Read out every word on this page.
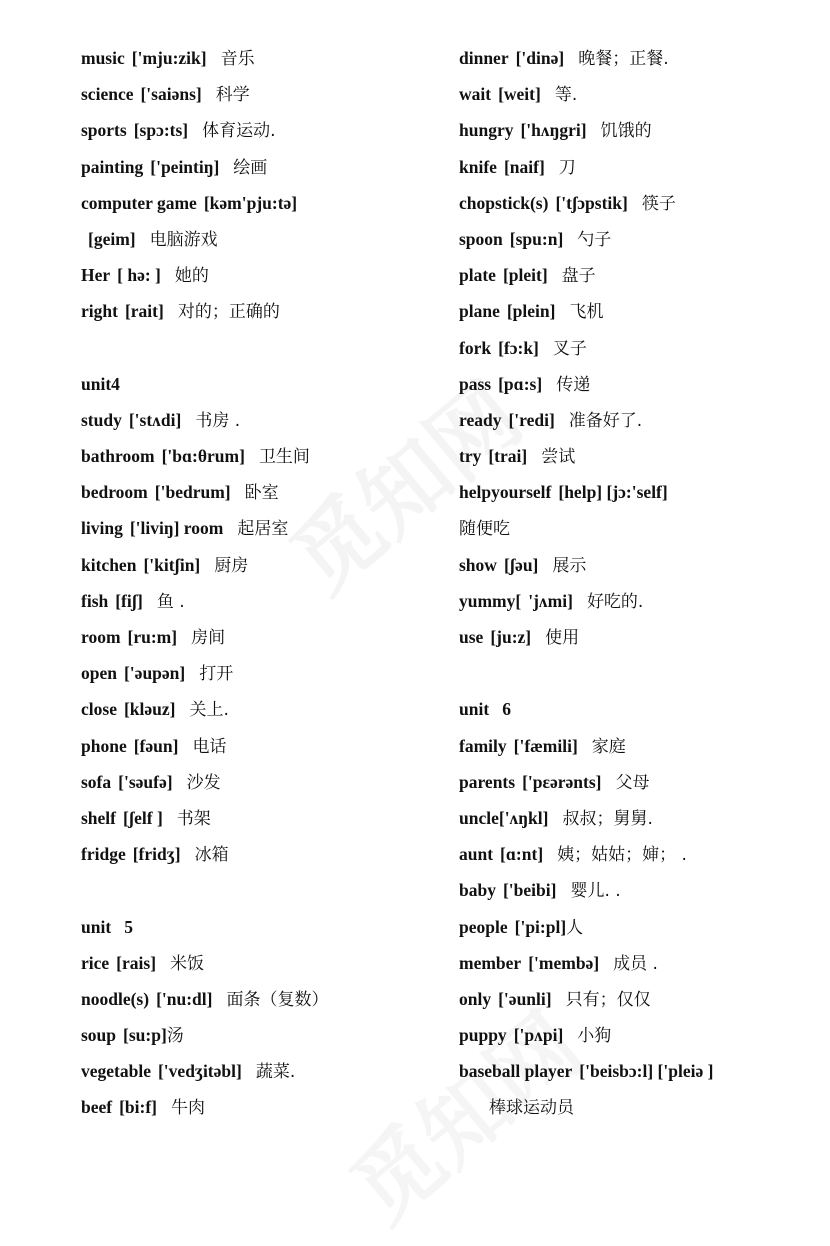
music ['mju:zik] 音乐
science ['saiəns] 科学
sports [spɔ:ts] 体育运动.
painting ['peintiŋ] 绘画
computer game [kəm'pju:tə]
[geim] 电脑游戏
Her [ hə: ] 她的
right [rait] 对的；正确的
unit4
study ['stʌdi] 书房 .
bathroom ['bɑ:θrum] 卫生间
bedroom ['bedrum] 卧室
living ['liviŋ] room 起居室
kitchen ['kitʃin] 厨房
fish [fiʃ] 鱼 .
room [ru:m] 房间
open ['əupən] 打开
close [kləuz] 关上.
phone [fəun] 电话
sofa ['səufə] 沙发
shelf [ʃelf ] 书架
fridge [fridʒ] 冰箱
unit   5
rice [rais] 米饭
noodle(s) ['nu:dl] 面条（复数）
soup [su:p]汤
vegetable ['vedʒitəbl] 蔬菜.
beef [bi:f] 牛肉
dinner ['dinə] 晚餐；正餐.
wait [weit] 等.
hungry ['hʌŋgri] 饥饿的
knife [naif] 刀
chopstick(s) ['tʃɔpstik] 筷子
spoon [spu:n] 勺子
plate [pleit] 盘子
plane [plein] 飞机
fork [fɔ:k] 叉子
pass [pɑ:s] 传递
ready ['redi] 准备好了.
try [trai] 尝试
helpyourself [help] [jɔ:'self]
随便吃
show [ʃəu] 展示
yummy[ 'jʌmi] 好吃的.
use [ju:z] 使用
unit   6
family ['fæmili] 家庭
parents ['pεərənts] 父母
uncle['ʌŋkl] 叔叔；舅舅.
aunt [ɑ:nt] 姨；姑姑；婶； .
baby ['beibi] 婴儿. .
people ['pi:pl]人
member ['membə] 成员 .
only ['əunli] 只有；仅仅
puppy ['pʌpi] 小狗
baseball player ['beisbɔ:l] ['pleiə ]
棒球运动员
